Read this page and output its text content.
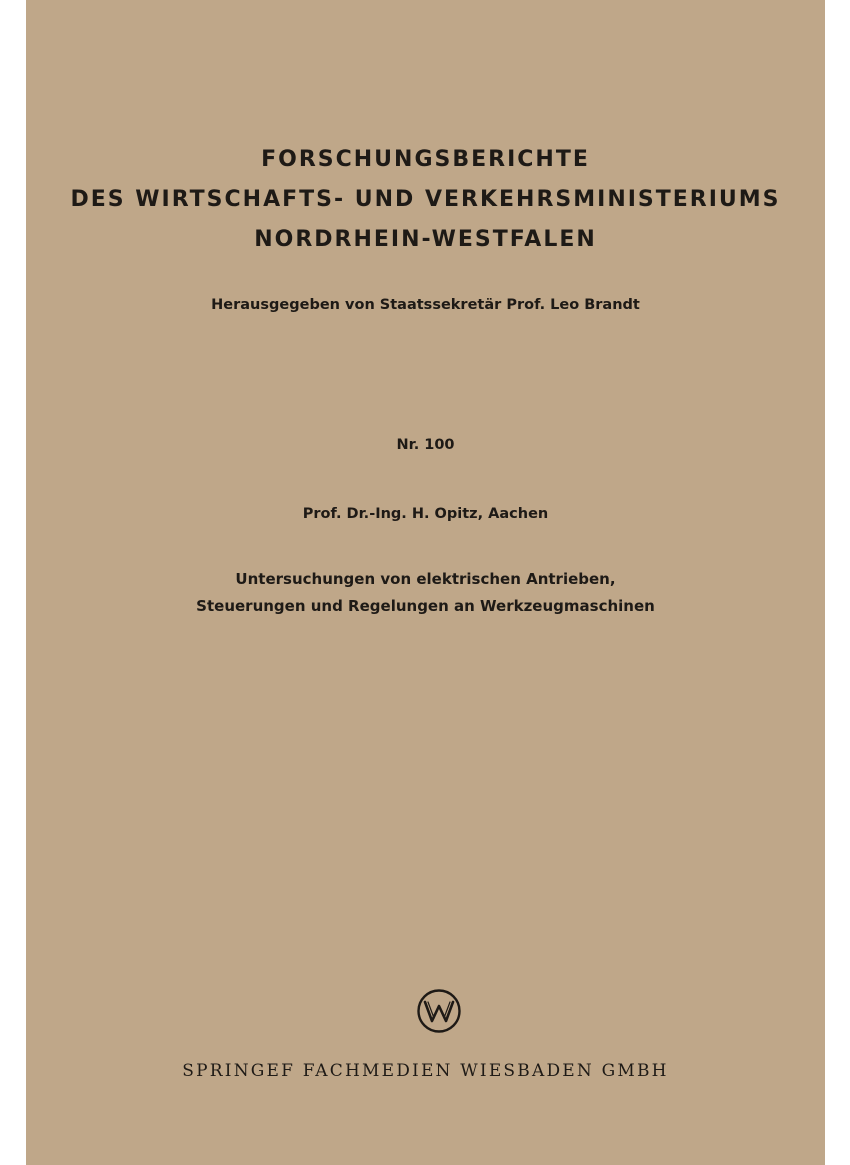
FORSCHUNGSBERICHTE
DES WIRTSCHAFTS- UND VERKEHRSMINISTERIUMS
NORDRHEIN-WESTFALEN
Herausgegeben von Staatssekretär Prof. Leo Brandt
Nr. 100
Prof. Dr.-Ing. H. Opitz, Aachen
Untersuchungen von elektrischen Antrieben,
Steuerungen und Regelungen an Werkzeugmaschinen
SPRINGEF FACHMEDIEN WIESBADEN GMBH
